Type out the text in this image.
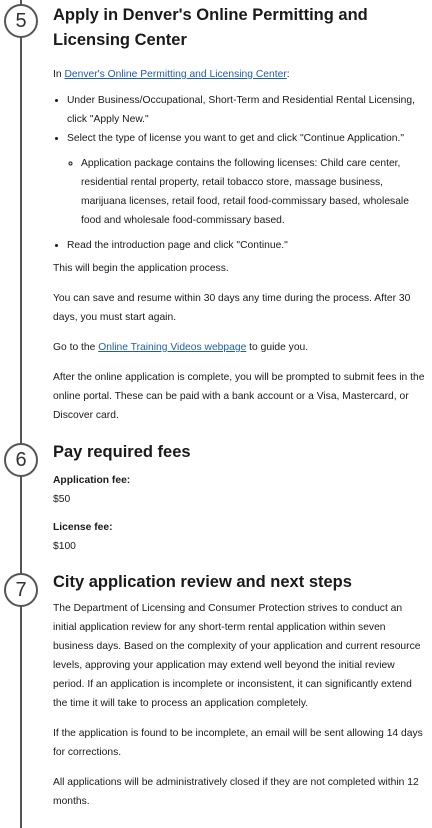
5	Apply in Denver's Online Permitting and Licensing Center

In Denver's Online Permitting and Licensing Center:

• Under Business/Occupational, Short-Term and Residential Rental Licensing, click "Apply New."
• Select the type of license you want to get and click "Continue Application."
◦ Application package contains the following licenses: Child care center, residential rental property, retail tobacco store, massage business, marijuana licenses, retail food, retail food-commissary based, wholesale food and wholesale food-commissary based.
• Read the introduction page and click "Continue."

This will begin the application process.

You can save and resume within 30 days any time during the process. After 30 days, you must start again.

Go to the Online Training Videos webpage to guide you.

After the online application is complete, you will be prompted to submit fees in the online portal. These can be paid with a bank account or a Visa, Mastercard, or Discover card.

6	Pay required fees

Application fee:

$50

License fee:

$100

7	City application review and next steps

The Department of Licensing and Consumer Protection strives to conduct an initial application review for any short-term rental application within seven business days. Based on the complexity of your application and current resource levels, approving your application may extend well beyond the initial review period. If an application is incomplete or inconsistent, it can significantly extend the time it will take to process an application completely.

If the application is found to be incomplete, an email will be sent allowing 14 days for corrections.

All applications will be administratively closed if they are not completed within 12 months.
